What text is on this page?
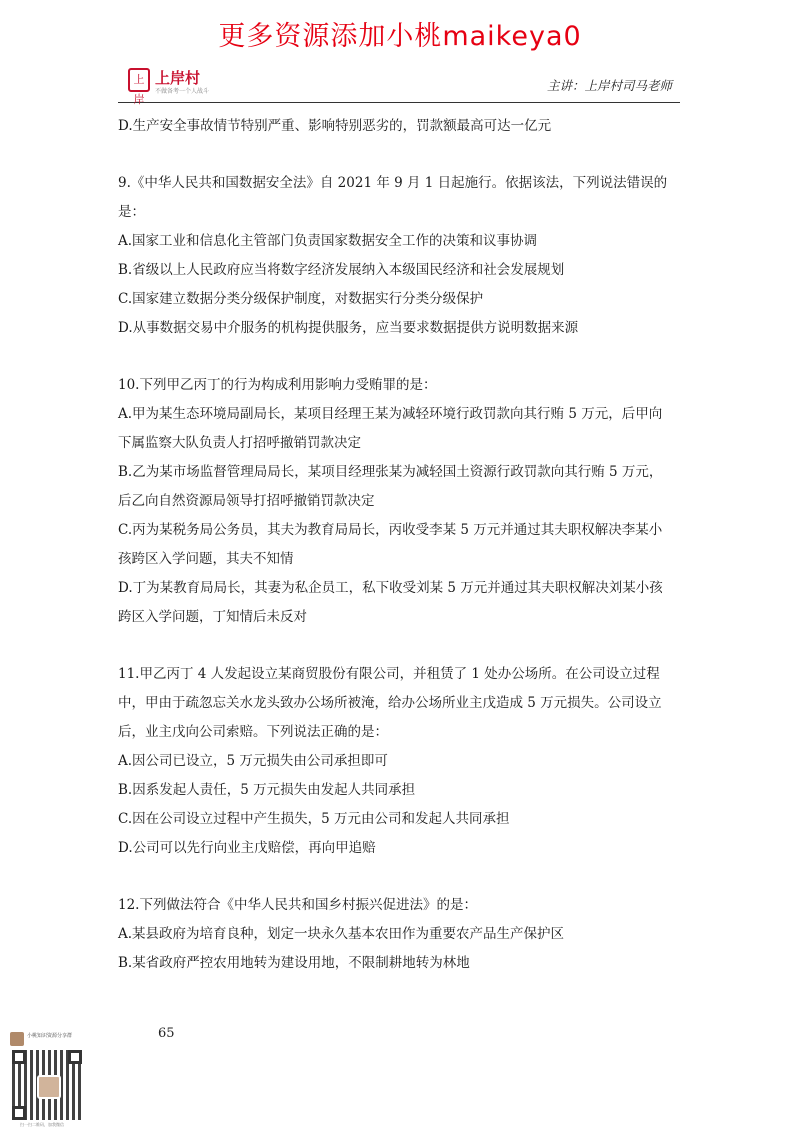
更多资源添加小桃maikeya0
上岸
上岸村
不做备考一个人战斗	主讲：上岸村司马老师
D.生产安全事故情节特别严重、影响特别恶劣的，罚款额最高可达一亿元
9.《中华人民共和国数据安全法》自 2021 年 9 月 1 日起施行。依据该法，下列说法错误的
是：
A.国家工业和信息化主管部门负责国家数据安全工作的决策和议事协调
B.省级以上人民政府应当将数字经济发展纳入本级国民经济和社会发展规划
C.国家建立数据分类分级保护制度，对数据实行分类分级保护
D.从事数据交易中介服务的机构提供服务，应当要求数据提供方说明数据来源
10.下列甲乙丙丁的行为构成利用影响力受贿罪的是：
A.甲为某生态环境局副局长，某项目经理王某为减轻环境行政罚款向其行贿 5 万元，后甲向
下属监察大队负责人打招呼撤销罚款决定
B.乙为某市场监督管理局局长，某项目经理张某为减轻国土资源行政罚款向其行贿 5 万元，
后乙向自然资源局领导打招呼撤销罚款决定
C.丙为某税务局公务员，其夫为教育局局长，丙收受李某 5 万元并通过其夫职权解决李某小
孩跨区入学问题，其夫不知情
D.丁为某教育局局长，其妻为私企员工，私下收受刘某 5 万元并通过其夫职权解决刘某小孩
跨区入学问题，丁知情后未反对
11.甲乙丙丁 4 人发起设立某商贸股份有限公司，并租赁了 1 处办公场所。在公司设立过程
中，甲由于疏忽忘关水龙头致办公场所被淹，给办公场所业主戊造成 5 万元损失。公司设立
后，业主戊向公司索赔。下列说法正确的是：
A.因公司已设立，5 万元损失由公司承担即可
B.因系发起人责任，5 万元损失由发起人共同承担
C.因在公司设立过程中产生损失，5 万元由公司和发起人共同承担
D.公司可以先行向业主戊赔偿，再向甲追赔
12.下列做法符合《中华人民共和国乡村振兴促进法》的是：
A.某县政府为培育良种，划定一块永久基本农田作为重要农产品生产保护区
B.某省政府严控农用地转为建设用地，不限制耕地转为林地
65
小桃知识资源分享群
扫一扫二维码，加我微信
